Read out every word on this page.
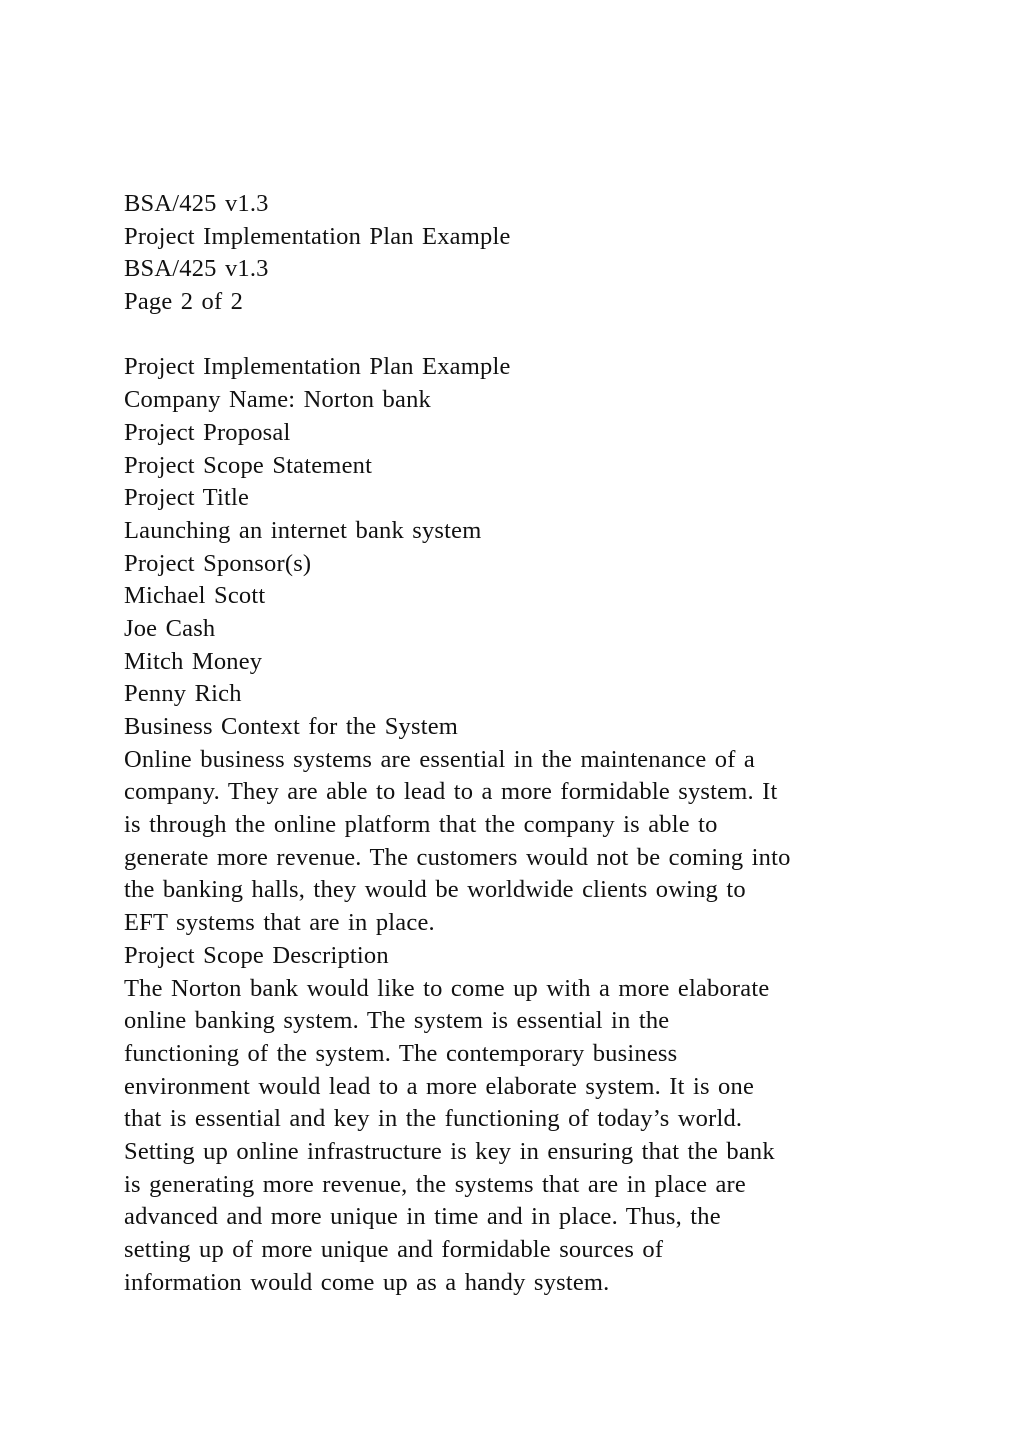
BSA/425 v1.3
Project Implementation Plan Example
BSA/425 v1.3
Page 2 of 2
Project Implementation Plan Example
Company Name: Norton bank
Project Proposal
Project Scope Statement
Project Title
Launching an internet bank system
Project Sponsor(s)
Michael Scott
Joe Cash
Mitch Money
Penny Rich
Business Context for the System
Online business systems are essential in the maintenance of a
company. They are able to lead to a more formidable system. It
is through the online platform that the company is able to
generate more revenue. The customers would not be coming into
the banking halls, they would be worldwide clients owing to
EFT systems that are in place.
Project Scope Description
The Norton bank would like to come up with a more elaborate
online banking system. The system is essential in the
functioning of the system. The contemporary business
environment would lead to a more elaborate system. It is one
that is essential and key in the functioning of today’s world.
Setting up online infrastructure is key in ensuring that the bank
is generating more revenue, the systems that are in place are
advanced and more unique in time and in place. Thus, the
setting up of more unique and formidable sources of
information would come up as a handy system.
